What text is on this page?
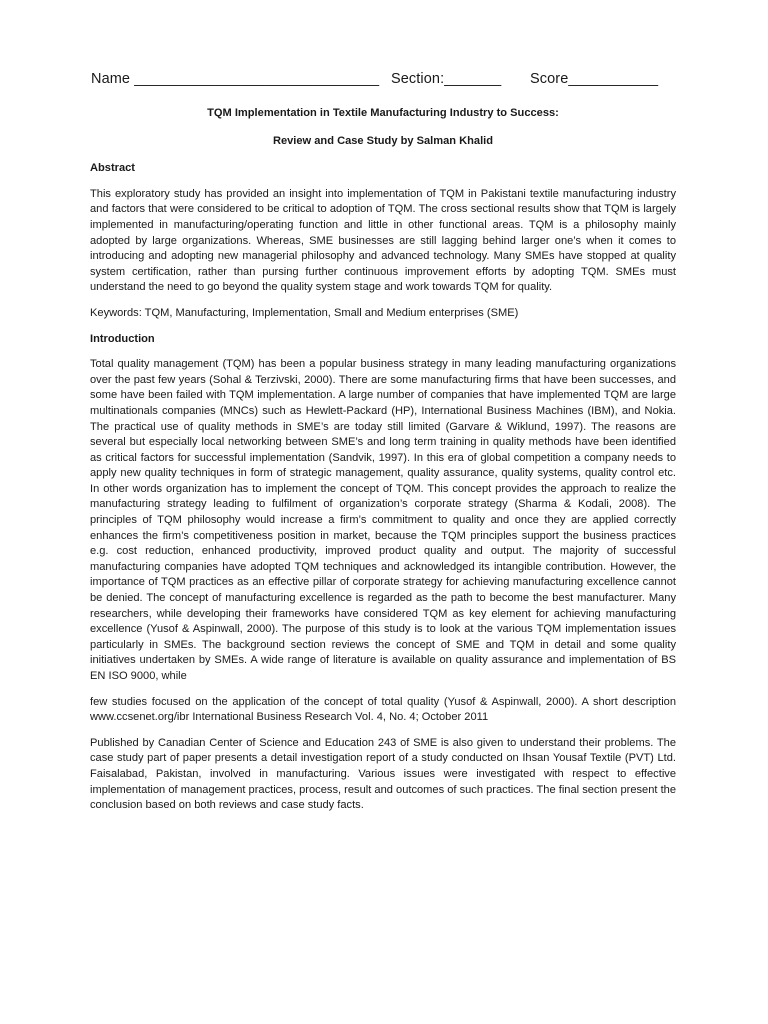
Name ______________________________ Section:_______ Score___________

TQM Implementation in Textile Manufacturing Industry to Success:

Review and Case Study by Salman Khalid

Abstract

This exploratory study has provided an insight into implementation of TQM in Pakistani textile manufacturing industry and factors that were considered to be critical to adoption of TQM. The cross sectional results show that TQM is largely implemented in manufacturing/operating function and little in other functional areas. TQM is a philosophy mainly adopted by large organizations. Whereas, SME businesses are still lagging behind larger one’s when it comes to introducing and adopting new managerial philosophy and advanced technology. Many SMEs have stopped at quality system certification, rather than pursing further continuous improvement efforts by adopting TQM. SMEs must understand the need to go beyond the quality system stage and work towards TQM for quality.

Keywords: TQM, Manufacturing, Implementation, Small and Medium enterprises (SME)

Introduction

Total quality management (TQM) has been a popular business strategy in many leading manufacturing organizations over the past few years (Sohal & Terzivski, 2000). There are some manufacturing firms that have been successes, and some have been failed with TQM implementation. A large number of companies that have implemented TQM are large multinationals companies (MNCs) such as Hewlett-Packard (HP), International Business Machines (IBM), and Nokia. The practical use of quality methods in SME’s are today still limited (Garvare & Wiklund, 1997). The reasons are several but especially local networking between SME’s and long term training in quality methods have been identified as critical factors for successful implementation (Sandvik, 1997). In this era of global competition a company needs to apply new quality techniques in form of strategic management, quality assurance, quality systems, quality control etc. In other words organization has to implement the concept of TQM. This concept provides the approach to realize the manufacturing strategy leading to fulfilment of organization’s corporate strategy (Sharma & Kodali, 2008). The principles of TQM philosophy would increase a firm’s commitment to quality and once they are applied correctly enhances the firm’s competitiveness position in market, because the TQM principles support the business practices e.g. cost reduction, enhanced productivity, improved product quality and output. The majority of successful manufacturing companies have adopted TQM techniques and acknowledged its intangible contribution. However, the importance of TQM practices as an effective pillar of corporate strategy for achieving manufacturing excellence cannot be denied. The concept of manufacturing excellence is regarded as the path to become the best manufacturer. Many researchers, while developing their frameworks have considered TQM as key element for achieving manufacturing excellence (Yusof & Aspinwall, 2000). The purpose of this study is to look at the various TQM implementation issues particularly in SMEs. The background section reviews the concept of SME and TQM in detail and some quality initiatives undertaken by SMEs. A wide range of literature is available on quality assurance and implementation of BS EN ISO 9000, while

few studies focused on the application of the concept of total quality (Yusof & Aspinwall, 2000). A short description www.ccsenet.org/ibr International Business Research Vol. 4, No. 4; October 2011

Published by Canadian Center of Science and Education 243 of SME is also given to understand their problems. The case study part of paper presents a detail investigation report of a study conducted on Ihsan Yousaf Textile (PVT) Ltd. Faisalabad, Pakistan, involved in manufacturing. Various issues were investigated with respect to effective implementation of management practices, process, result and outcomes of such practices. The final section present the conclusion based on both reviews and case study facts.
